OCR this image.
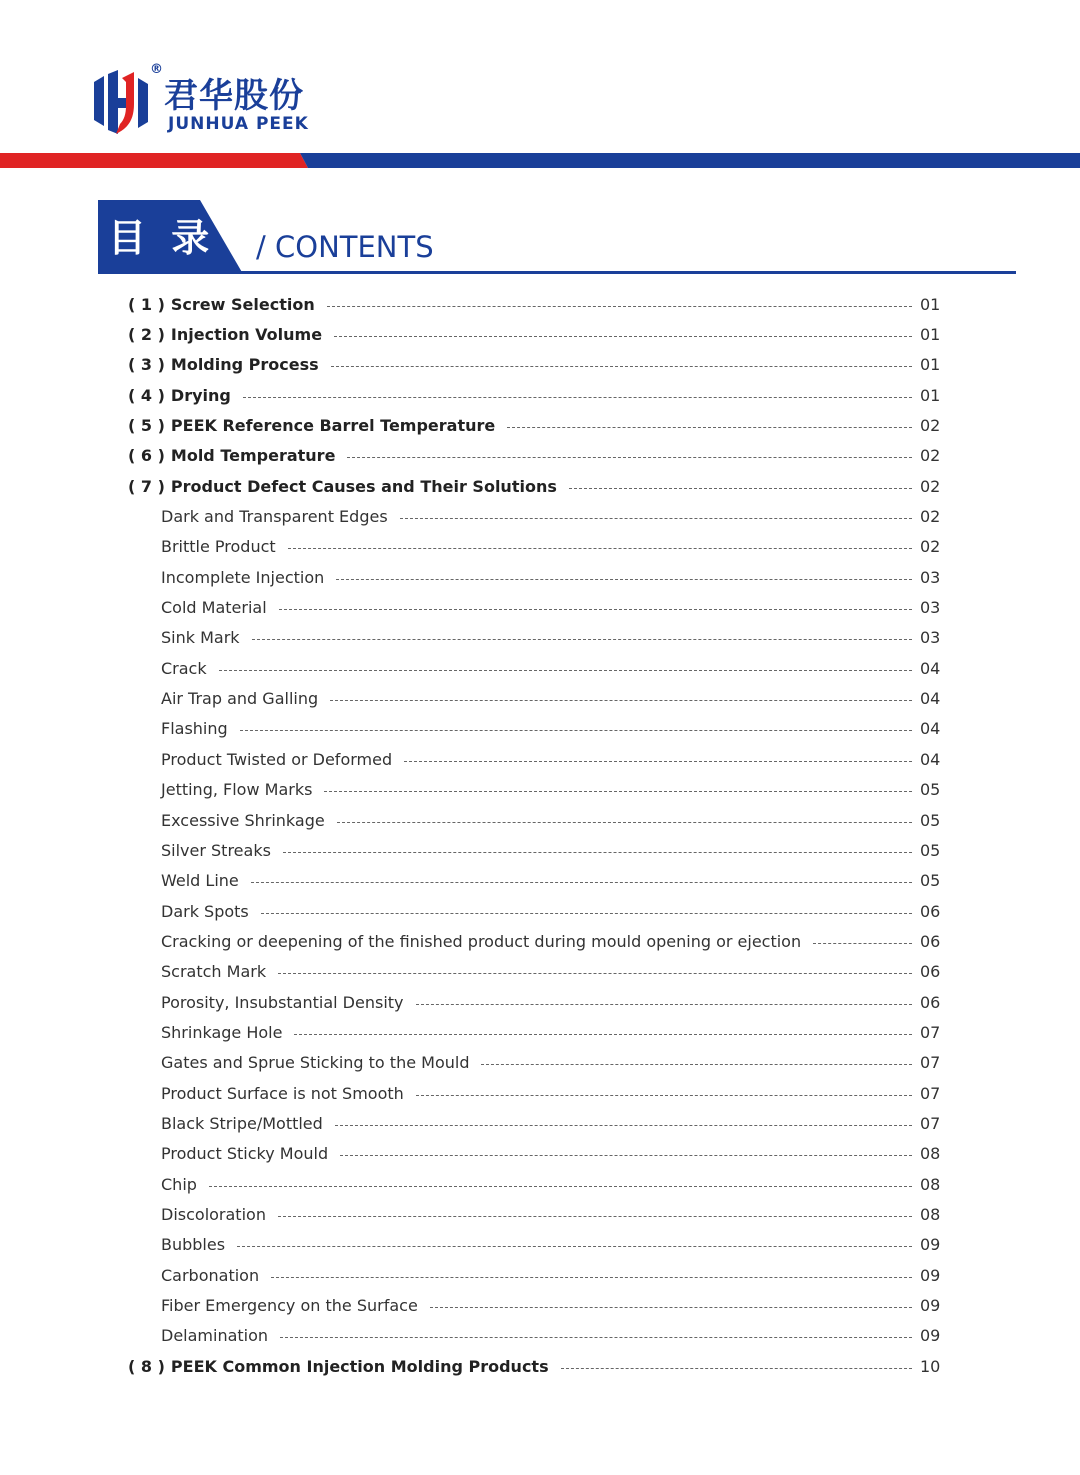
®
君华股份
JUNHUA PEEK
目 录 / CONTENTS
( 1 ) Screw Selection	01
( 2 ) Injection Volume	01
( 3 ) Molding Process	01
( 4 ) Drying	01
( 5 ) PEEK Reference Barrel Temperature	02
( 6 ) Mold Temperature	02
( 7 ) Product Defect Causes and Their Solutions	02
Dark and Transparent Edges	02
Brittle Product	02
Incomplete Injection	03
Cold Material	03
Sink Mark	03
Crack	04
Air Trap and Galling	04
Flashing	04
Product Twisted or Deformed	04
Jetting, Flow Marks	05
Excessive Shrinkage	05
Silver Streaks	05
Weld Line	05
Dark Spots	06
Cracking or deepening of the finished product during mould opening or ejection	06
Scratch Mark	06
Porosity, Insubstantial Density	06
Shrinkage Hole	07
Gates and Sprue Sticking to the Mould	07
Product Surface is not Smooth	07
Black Stripe/Mottled	07
Product Sticky Mould	08
Chip	08
Discoloration	08
Bubbles	09
Carbonation	09
Fiber Emergency on the Surface	09
Delamination	09
( 8 ) PEEK Common Injection Molding Products	10
